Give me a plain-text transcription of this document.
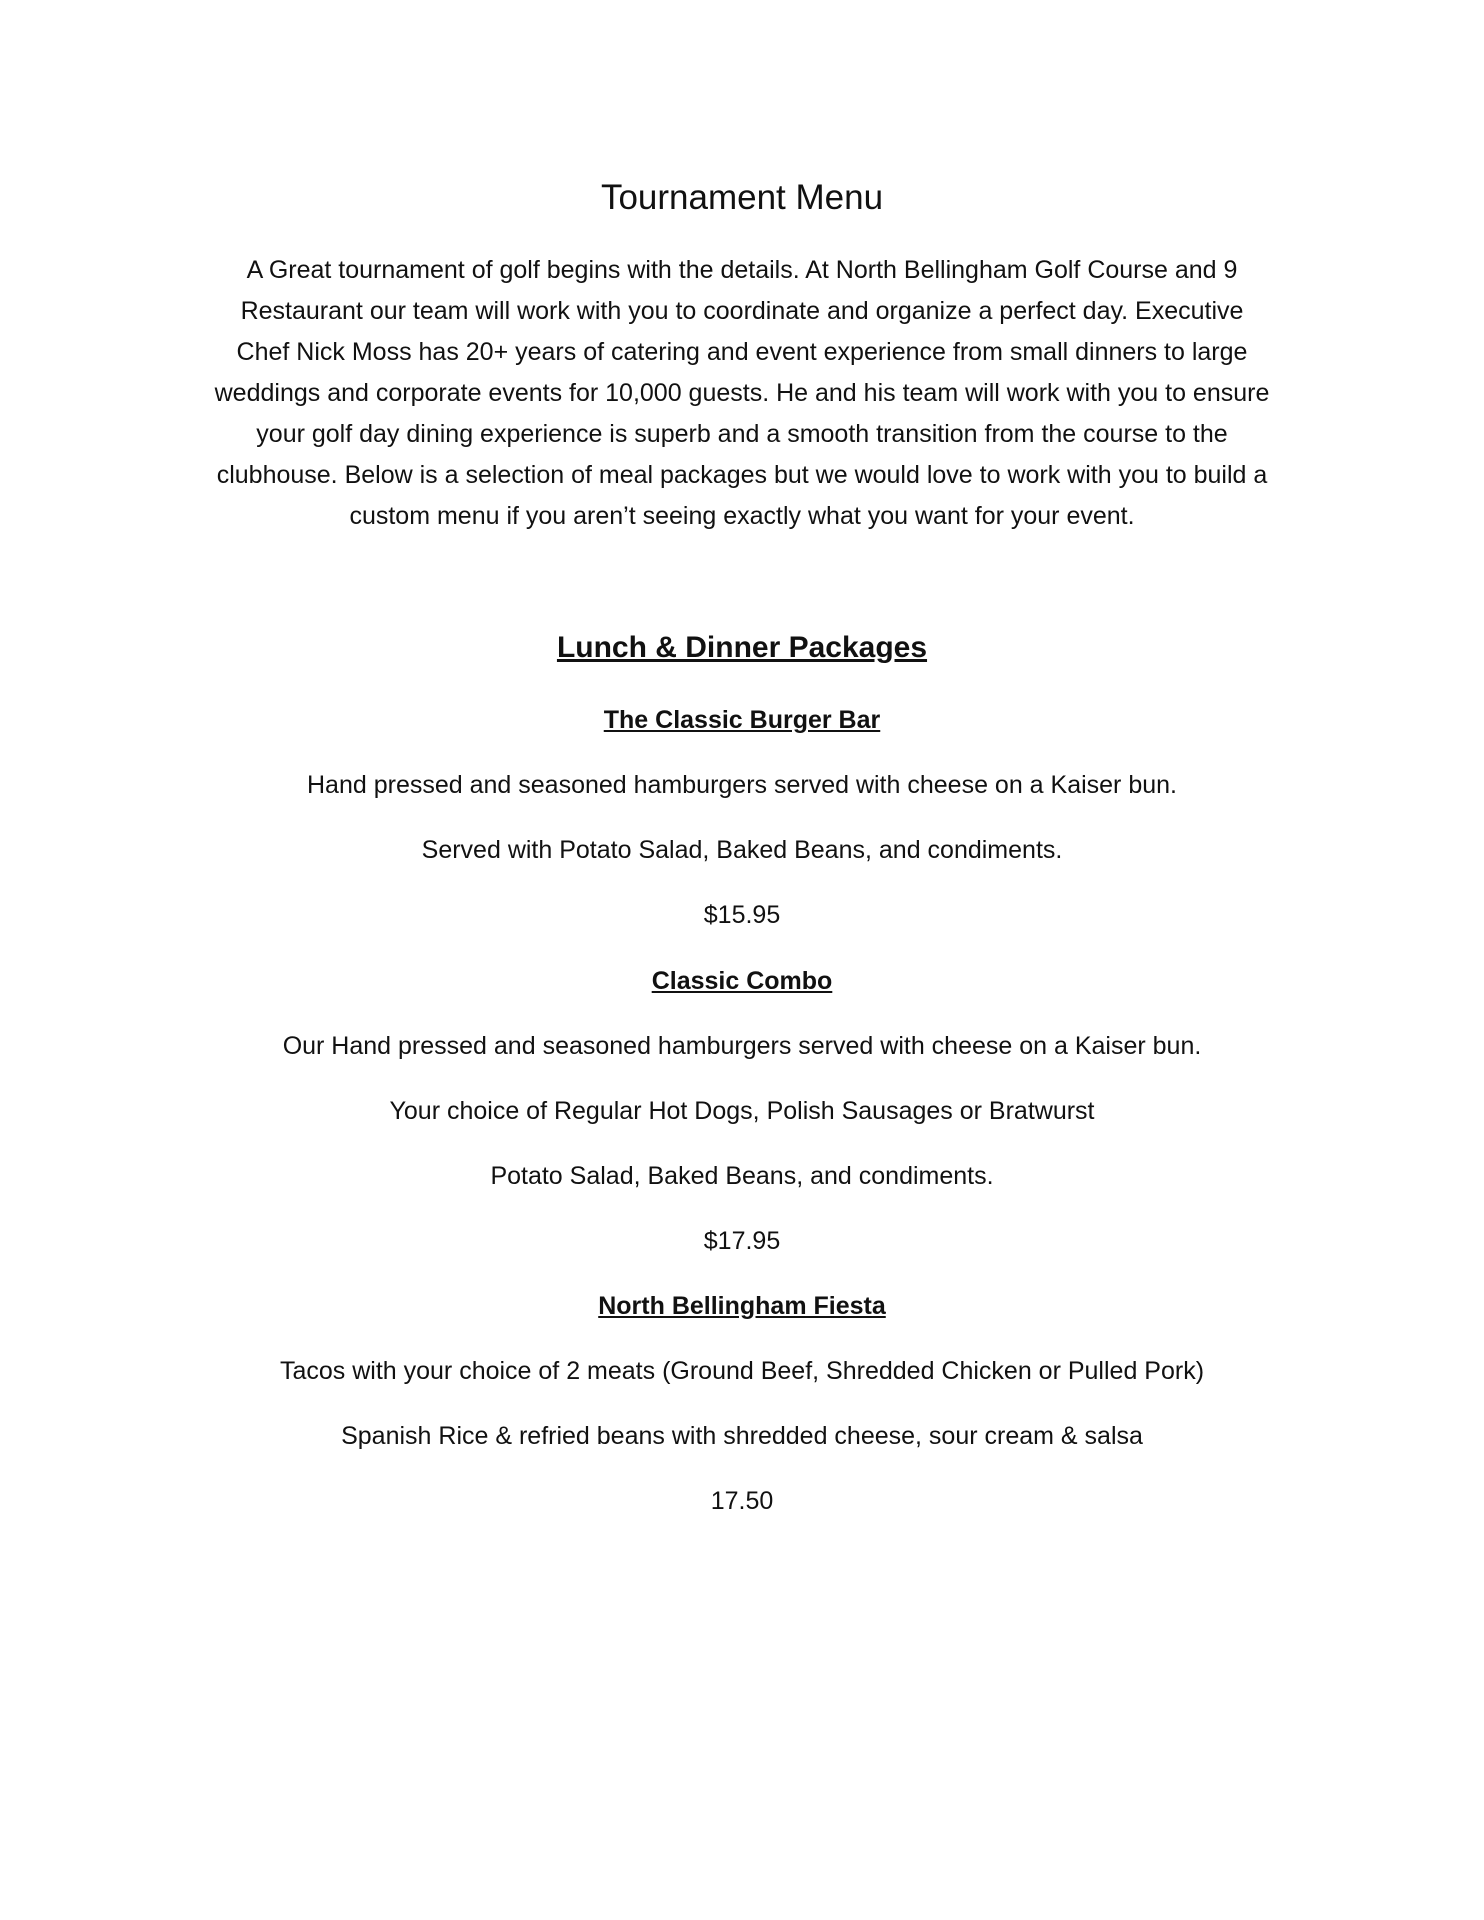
Tournament Menu

A Great tournament of golf begins with the details. At North Bellingham Golf Course and 9
Restaurant our team will work with you to coordinate and organize a perfect day. Executive
Chef Nick Moss has 20+ years of catering and event experience from small dinners to large
weddings and corporate events for 10,000 guests. He and his team will work with you to ensure
your golf day dining experience is superb and a smooth transition from the course to the
clubhouse. Below is a selection of meal packages but we would love to work with you to build a
custom menu if you aren’t seeing exactly what you want for your event.

Lunch & Dinner Packages

The Classic Burger Bar

Hand pressed and seasoned hamburgers served with cheese on a Kaiser bun.

Served with Potato Salad, Baked Beans, and condiments.

$15.95

Classic Combo

Our Hand pressed and seasoned hamburgers served with cheese on a Kaiser bun.

Your choice of Regular Hot Dogs, Polish Sausages or Bratwurst

Potato Salad, Baked Beans, and condiments.

$17.95

North Bellingham Fiesta

Tacos with your choice of 2 meats (Ground Beef, Shredded Chicken or Pulled Pork)

Spanish Rice & refried beans with shredded cheese, sour cream & salsa

17.50
